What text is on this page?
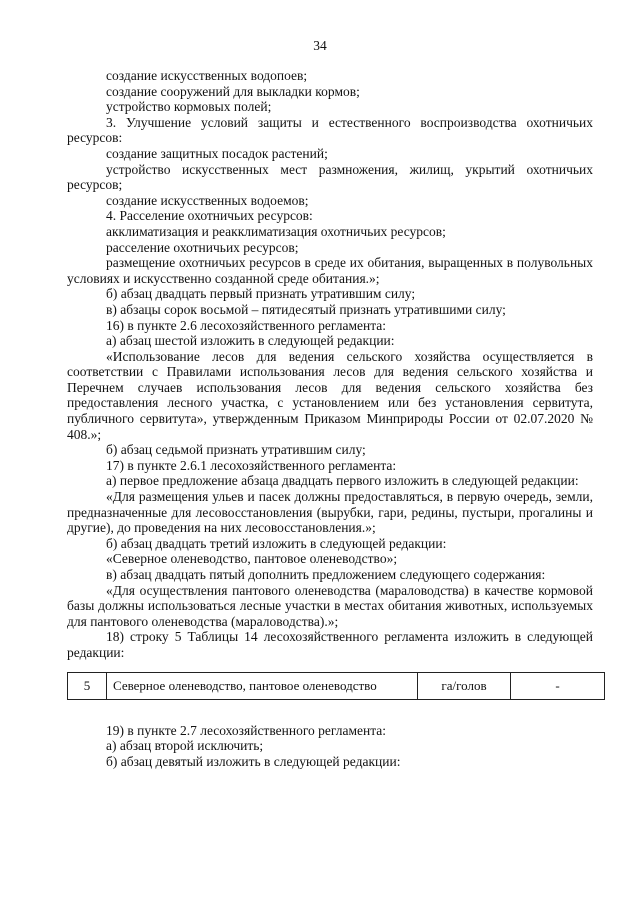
34

создание искусственных водопоев;

создание сооружений для выкладки кормов;

устройство кормовых полей;

3. Улучшение условий защиты и естественного воспроизводства охотничьих ресурсов:

создание защитных посадок растений;

устройство искусственных мест размножения, жилищ, укрытий охотничьих ресурсов;

создание искусственных водоемов;

4. Расселение охотничьих ресурсов:

акклиматизация и реакклиматизация охотничьих ресурсов;

расселение охотничьих ресурсов;

размещение охотничьих ресурсов в среде их обитания, выращенных в полувольных условиях и искусственно созданной среде обитания.»;

б) абзац двадцать первый признать утратившим силу;

в) абзацы сорок восьмой – пятидесятый признать утратившими силу;

16) в пункте 2.6 лесохозяйственного регламента:

а) абзац шестой изложить в следующей редакции:

«Использование лесов для ведения сельского хозяйства осуществляется в соответствии с Правилами использования лесов для ведения сельского хозяйства и Перечнем случаев использования лесов для ведения сельского хозяйства без предоставления лесного участка, с установлением или без установления сервитута, публичного сервитута», утвержденным Приказом Минприроды России от 02.07.2020 № 408.»;

б) абзац седьмой признать утратившим силу;

17) в пункте 2.6.1 лесохозяйственного регламента:

а) первое предложение абзаца двадцать первого изложить в следующей редакции:

«Для размещения ульев и пасек должны предоставляться, в первую очередь, земли, предназначенные для лесовосстановления (вырубки, гари, редины, пустыри, прогалины и другие), до проведения на них лесовосстановления.»;

б) абзац двадцать третий изложить в следующей редакции:

«Северное оленеводство, пантовое оленеводство»;

в) абзац двадцать пятый дополнить предложением следующего содержания:

«Для осуществления пантового оленеводства (мараловодства) в качестве кормовой базы должны использоваться лесные участки в местах обитания животных, используемых для пантового оленеводства (мараловодства).»;

18) строку 5 Таблицы 14 лесохозяйственного регламента изложить в следующей редакции:

5	Северное оленеводство, пантовое оленеводство	га/голов	-

19) в пункте 2.7 лесохозяйственного регламента:

а) абзац второй исключить;

б) абзац девятый изложить в следующей редакции:
